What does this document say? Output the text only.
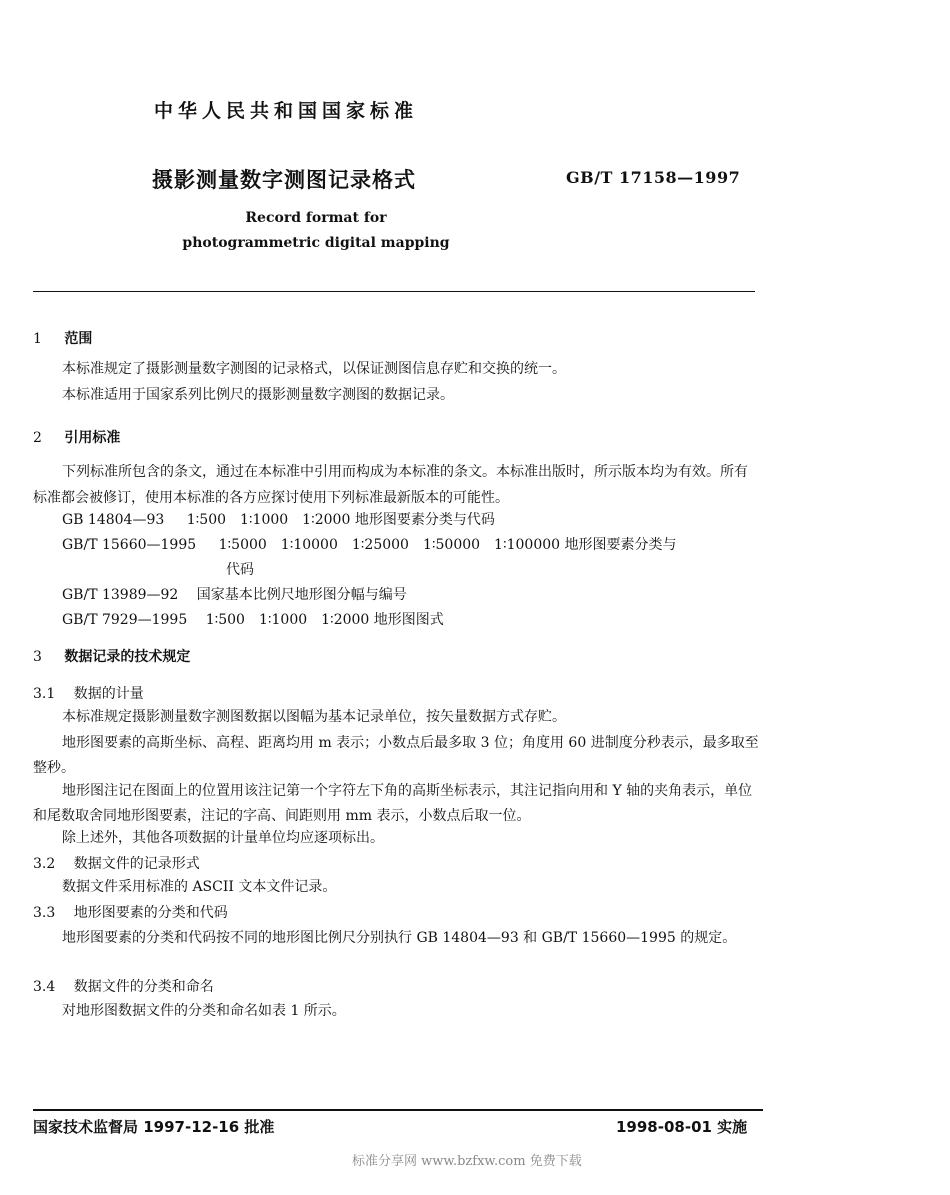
中华人民共和国国家标准
摄影测量数字测图记录格式	GB/T 17158—1997
Record format for
photogrammetric digital mapping
1 范围
本标准规定了摄影测量数字测图的记录格式，以保证测图信息存贮和交换的统一。
本标准适用于国家系列比例尺的摄影测量数字测图的数据记录。
2 引用标准
下列标准所包含的条文，通过在本标准中引用而构成为本标准的条文。本标准出版时，所示版本均为有效。所有标准都会被修订，使用本标准的各方应探讨使用下列标准最新版本的可能性。
GB 14804—93 1∶500　1∶1000　1∶2000 地形图要素分类与代码
GB/T 15660—1995 1∶5000　1∶10000　1∶25000　1∶50000　1∶100000 地形图要素分类与
代码
GB/T 13989—92 国家基本比例尺地形图分幅与编号
GB/T 7929—1995 1∶500　1∶1000　1∶2000 地形图图式
3 数据记录的技术规定
3.1 数据的计量
本标准规定摄影测量数字测图数据以图幅为基本记录单位，按矢量数据方式存贮。
地形图要素的高斯坐标、高程、距离均用 m 表示；小数点后最多取 3 位；角度用 60 进制度分秒表示，最多取至整秒。
地形图注记在图面上的位置用该注记第一个字符左下角的高斯坐标表示，其注记指向用和 Y 轴的夹角表示，单位和尾数取舍同地形图要素，注记的字高、间距则用 mm 表示，小数点后取一位。
除上述外，其他各项数据的计量单位均应逐项标出。
3.2 数据文件的记录形式
数据文件采用标准的 ASCII 文本文件记录。
3.3 地形图要素的分类和代码
地形图要素的分类和代码按不同的地形图比例尺分别执行 GB 14804—93 和 GB/T 15660—1995 的规定。
3.4 数据文件的分类和命名
对地形图数据文件的分类和命名如表 1 所示。
国家技术监督局 1997-12-16 批准	1998-08-01 实施
标准分享网 www.bzfxw.com 免费下载
